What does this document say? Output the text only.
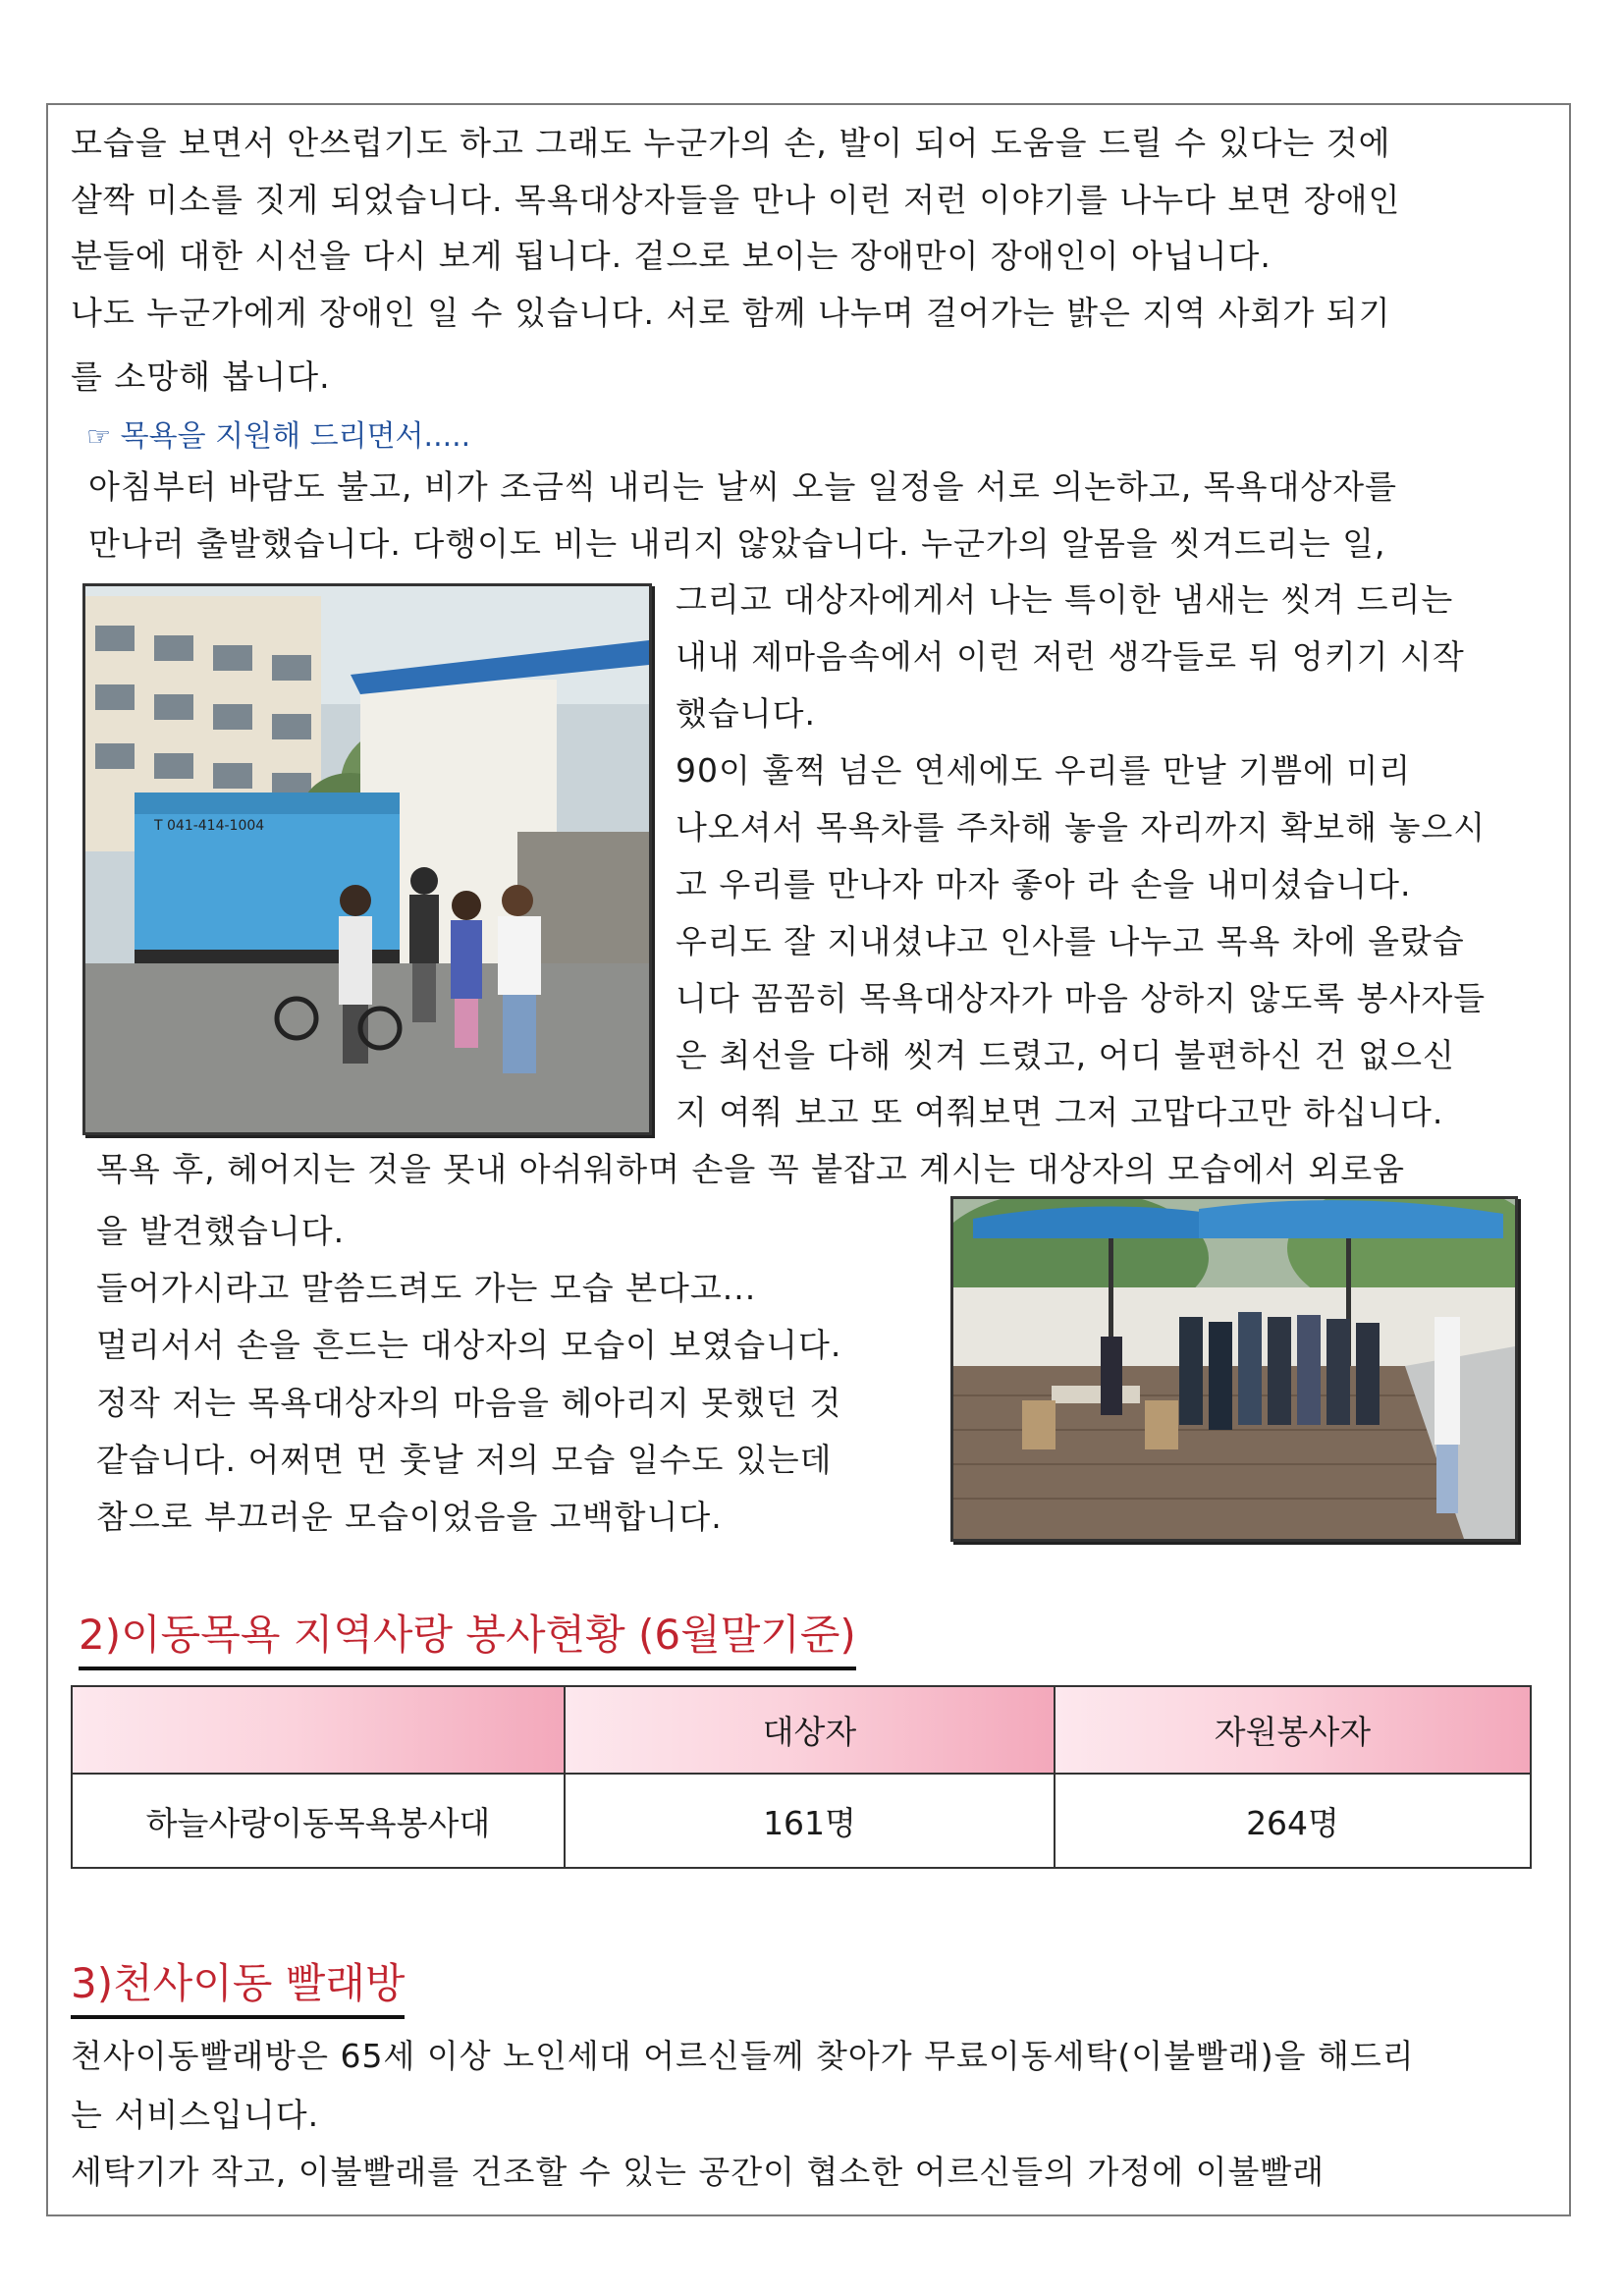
모습을 보면서 안쓰럽기도 하고 그래도 누군가의 손, 발이 되어 도움을 드릴 수 있다는 것에
살짝 미소를 짓게 되었습니다. 목욕대상자들을 만나 이런 저런 이야기를 나누다 보면 장애인
분들에 대한 시선을 다시 보게 됩니다. 겉으로 보이는 장애만이 장애인이 아닙니다.
나도 누군가에게 장애인 일 수 있습니다. 서로 함께 나누며 걸어가는 밝은 지역 사회가 되기
를 소망해 봅니다.
☞ 목욕을 지원해 드리면서.....
아침부터 바람도 불고, 비가 조금씩 내리는 날씨 오늘 일정을 서로 의논하고, 목욕대상자를
만나러 출발했습니다. 다행이도 비는 내리지 않았습니다. 누군가의 알몸을 씻겨드리는 일,
T 041-414-1004
그리고 대상자에게서 나는 특이한 냄새는 씻겨 드리는
내내 제마음속에서 이런 저런 생각들로 뒤 엉키기 시작
했습니다.
90이 훌쩍 넘은 연세에도 우리를 만날 기쁨에 미리
나오셔서 목욕차를 주차해 놓을 자리까지 확보해 놓으시
고 우리를 만나자 마자 좋아 라 손을 내미셨습니다.
우리도 잘 지내셨냐고 인사를 나누고 목욕 차에 올랐습
니다 꼼꼼히 목욕대상자가 마음 상하지 않도록 봉사자들
은 최선을 다해 씻겨 드렸고, 어디 불편하신 건 없으신
지 여쭤 보고 또 여쭤보면 그저 고맙다고만 하십니다.
목욕 후, 헤어지는 것을 못내 아쉬워하며 손을 꼭 붙잡고 계시는 대상자의 모습에서 외로움
을 발견했습니다.
들어가시라고 말씀드려도 가는 모습 본다고...
멀리서서 손을 흔드는 대상자의 모습이 보였습니다.
정작 저는 목욕대상자의 마음을 헤아리지 못했던 것
같습니다. 어쩌면 먼 훗날 저의 모습 일수도 있는데
참으로 부끄러운 모습이었음을 고백합니다.
2)이동목욕 지역사랑 봉사현황 (6월말기준)
	대상자	자원봉사자
하늘사랑이동목욕봉사대	161명	264명
3)천사이동 빨래방
천사이동빨래방은 65세 이상 노인세대 어르신들께 찾아가 무료이동세탁(이불빨래)을 해드리
는 서비스입니다.
세탁기가 작고, 이불빨래를 건조할 수 있는 공간이 협소한 어르신들의 가정에 이불빨래
